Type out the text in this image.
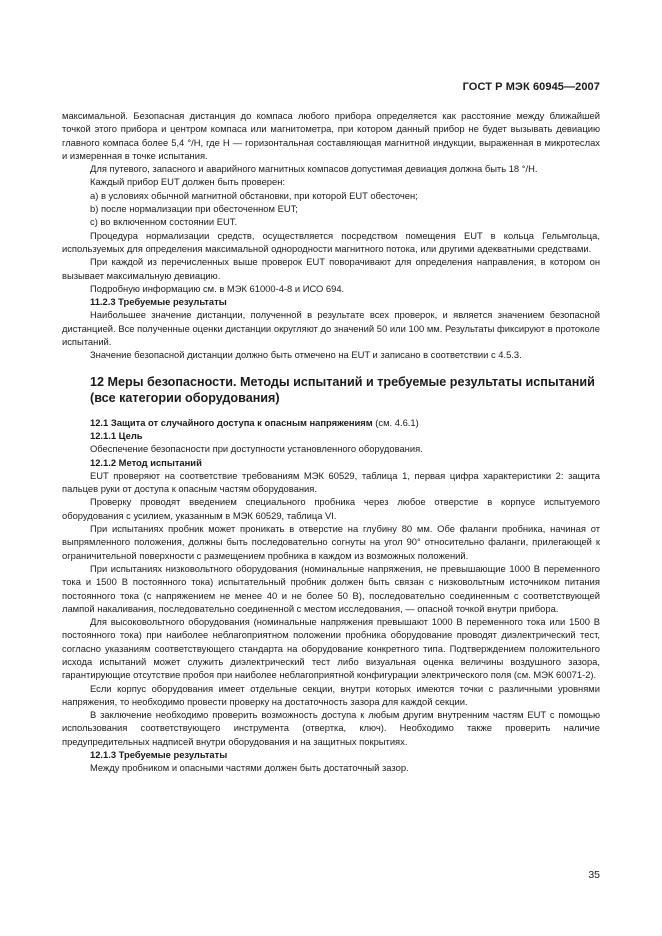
ГОСТ Р МЭК 60945—2007

максимальной. Безопасная дистанция до компаса любого прибора определяется как расстояние между ближайшей точкой этого прибора и центром компаса или магнитометра, при котором данный прибор не будет вызывать девиацию главного компаса более 5,4 °/H, где H — горизонтальная составляющая магнитной индукции, выраженная в микротеслах и измеренная в точке испытания.

Для путевого, запасного и аварийного магнитных компасов допустимая девиация должна быть 18 °/H.

Каждый прибор EUT должен быть проверен:

a) в условиях обычной магнитной обстановки, при которой EUT обесточен;

b) после нормализации при обесточенном EUT;

c) во включенном состоянии EUT.

Процедура нормализации средств, осуществляется посредством помещения EUT в кольца Гельмгольца, используемых для определения максимальной однородности магнитного потока, или другими адекватными средствами.

При каждой из перечисленных выше проверок EUT поворачивают для определения направления, в котором он вызывает максимальную девиацию.

Подробную информацию см. в МЭК 61000-4-8 и ИСО 694.

11.2.3 Требуемые результаты

Наибольшее значение дистанции, полученной в результате всех проверок, и является значением безопасной дистанцией. Все полученные оценки дистанции округляют до значений 50 или 100 мм. Результаты фиксируют в протоколе испытаний.

Значение безопасной дистанции должно быть отмечено на EUT и записано в соответствии с 4.5.3.

12 Меры безопасности. Методы испытаний и требуемые результаты испытаний (все категории оборудования)

12.1 Защита от случайного доступа к опасным напряжениям (см. 4.6.1)

12.1.1 Цель

Обеспечение безопасности при доступности установленного оборудования.

12.1.2 Метод испытаний

EUT проверяют на соответствие требованиям МЭК 60529, таблица 1, первая цифра характеристики 2: защита пальцев руки от доступа к опасным частям оборудования.

Проверку проводят введением специального пробника через любое отверстие в корпусе испытуемого оборудования с усилием, указанным в МЭК 60529, таблица VI.

При испытаниях пробник может проникать в отверстие на глубину 80 мм. Обе фаланги пробника, начиная от выпрямленного положения, должны быть последовательно согнуты на угол 90° относительно фаланги, прилегающей к ограничительной поверхности с размещением пробника в каждом из возможных положений.

При испытаниях низковольтного оборудования (номинальные напряжения, не превышающие 1000 В переменного тока и 1500 В постоянного тока) испытательный пробник должен быть связан с низковольтным источником питания постоянного тока (с напряжением не менее 40 и не более 50 В), последовательно соединенным с соответствующей лампой накаливания, последовательно соединенной с местом исследования, — опасной точкой внутри прибора.

Для высоковольтного оборудования (номинальные напряжения превышают 1000 В переменного тока или 1500 В постоянного тока) при наиболее неблагоприятном положении пробника оборудование проводят диэлектрический тест, согласно указаниям соответствующего стандарта на оборудование конкретного типа. Подтверждением положительного исхода испытаний может служить диэлектрический тест либо визуальная оценка величины воздушного зазора, гарантирующие отсутствие пробоя при наиболее неблагоприятной конфигурации электрического поля (см. МЭК 60071-2).

Если корпус оборудования имеет отдельные секции, внутри которых имеются точки с различными уровнями напряжения, то необходимо провести проверку на достаточность зазора для каждой секции.

В заключение необходимо проверить возможность доступа к любым другим внутренним частям EUT с помощью использования соответствующего инструмента (отвертка, ключ). Необходимо также проверить наличие предупредительных надписей внутри оборудования и на защитных покрытиях.

12.1.3 Требуемые результаты

Между пробником и опасными частями должен быть достаточный зазор.

35
